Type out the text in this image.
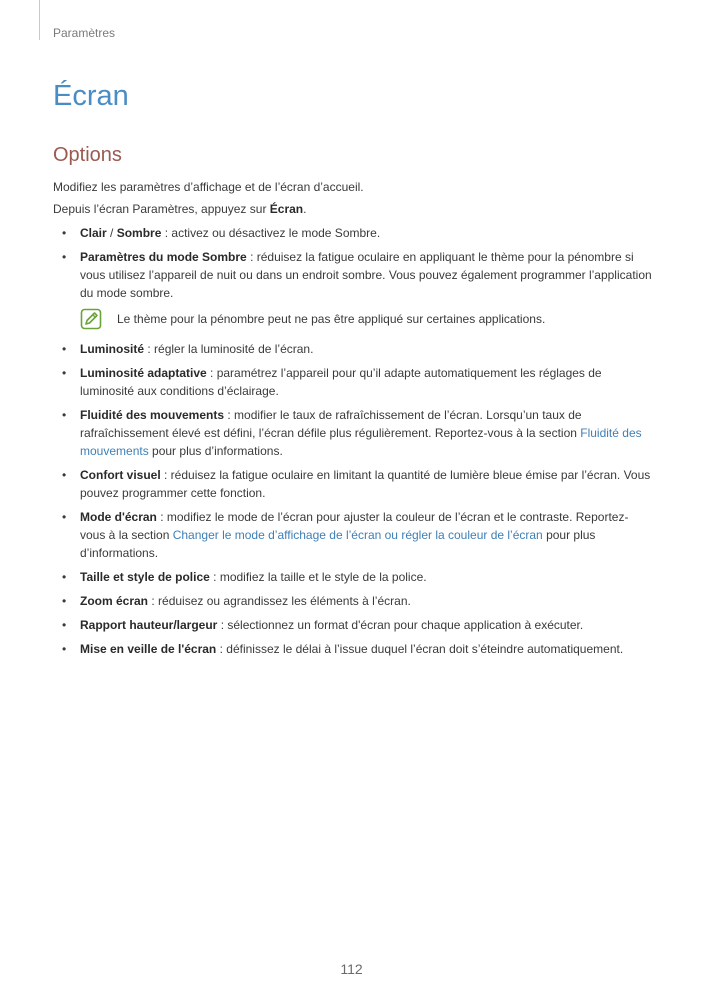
Paramètres
Écran
Options

Modifiez les paramètres d’affichage et de l’écran d’accueil.

Depuis l’écran Paramètres, appuyez sur Écran.

• Clair / Sombre : activez ou désactivez le mode Sombre.
• Paramètres du mode Sombre : réduisez la fatigue oculaire en appliquant le thème pour la pénombre si vous utilisez l’appareil de nuit ou dans un endroit sombre. Vous pouvez également programmer l’application du mode sombre.
Le thème pour la pénombre peut ne pas être appliqué sur certaines applications.
• Luminosité : régler la luminosité de l’écran.
• Luminosité adaptative : paramétrez l’appareil pour qu’il adapte automatiquement les réglages de luminosité aux conditions d’éclairage.
• Fluidité des mouvements : modifier le taux de rafraîchissement de l’écran. Lorsqu’un taux de rafraîchissement élevé est défini, l’écran défile plus régulièrement. Reportez-vous à la section Fluidité des mouvements pour plus d’informations.
• Confort visuel : réduisez la fatigue oculaire en limitant la quantité de lumière bleue émise par l’écran. Vous pouvez programmer cette fonction.
• Mode d'écran : modifiez le mode de l’écran pour ajuster la couleur de l’écran et le contraste. Reportez-vous à la section Changer le mode d’affichage de l’écran ou régler la couleur de l’écran pour plus d’informations.
• Taille et style de police : modifiez la taille et le style de la police.
• Zoom écran : réduisez ou agrandissez les éléments à l’écran.
• Rapport hauteur/largeur : sélectionnez un format d'écran pour chaque application à exécuter.
• Mise en veille de l'écran : définissez le délai à l’issue duquel l’écran doit s’éteindre automatiquement.
112
